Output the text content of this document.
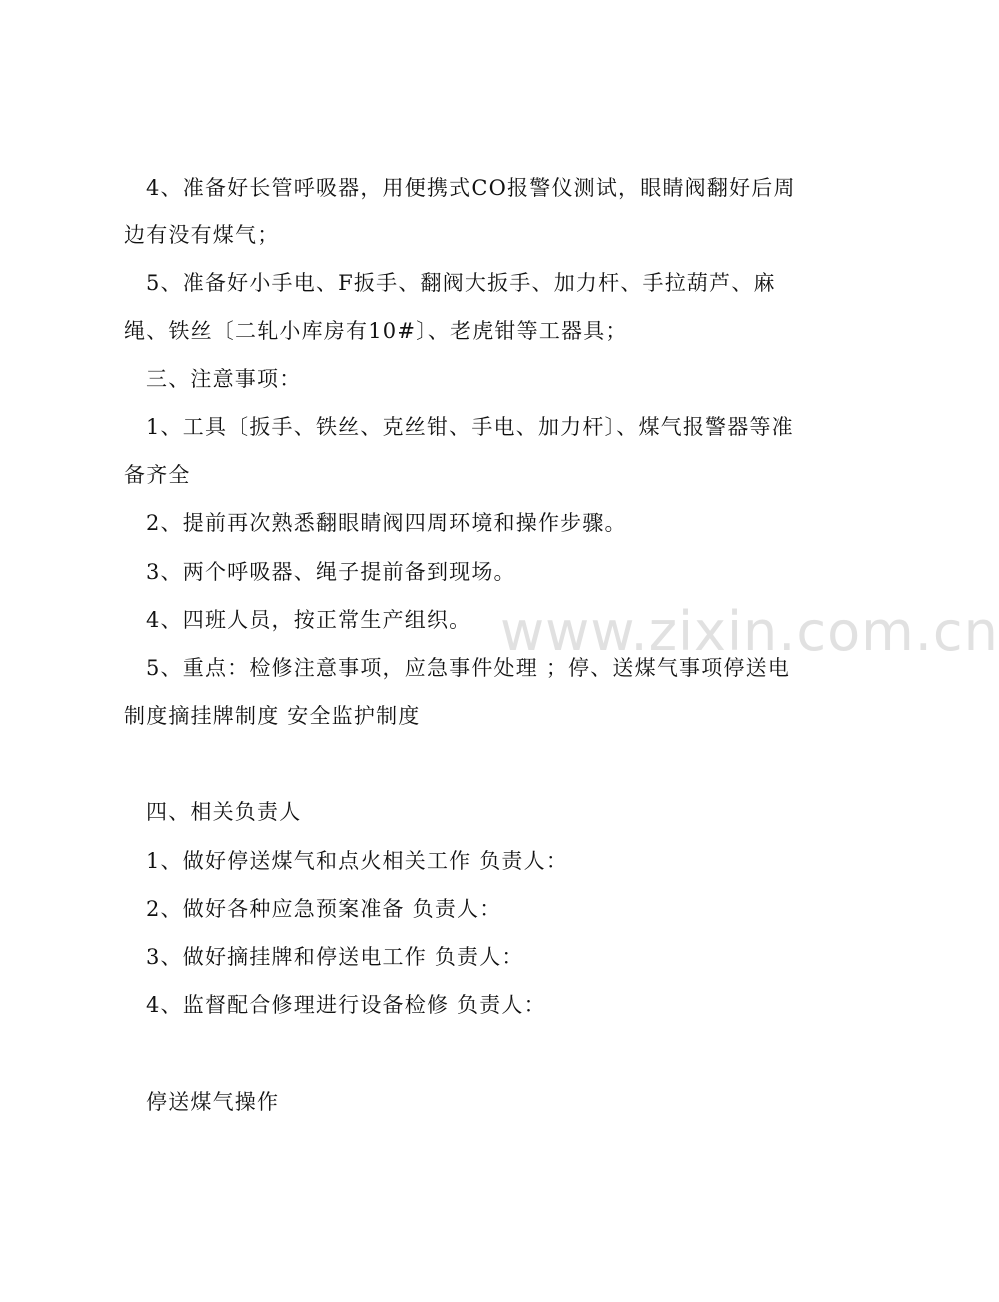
www.zixin.com.cn
4、准备好长管呼吸器，用便携式CO报警仪测试，眼睛阀翻好后周
边有没有煤气；
5、准备好小手电、F扳手、翻阀大扳手、加力杆、手拉葫芦、麻
绳、铁丝〔二轧小库房有10#〕、老虎钳等工器具；
三、注意事项：
1、工具〔扳手、铁丝、克丝钳、手电、加力杆〕、煤气报警器等准
备齐全
2、提前再次熟悉翻眼睛阀四周环境和操作步骤。
3、两个呼吸器、绳子提前备到现场。
4、四班人员，按正常生产组织。
5、重点：检修注意事项，应急事件处理 ；停、送煤气事项停送电
制度摘挂牌制度 安全监护制度
四、相关负责人
1、做好停送煤气和点火相关工作 负责人：
2、做好各种应急预案准备 负责人：
3、做好摘挂牌和停送电工作 负责人：
4、监督配合修理进行设备检修 负责人：
停送煤气操作
